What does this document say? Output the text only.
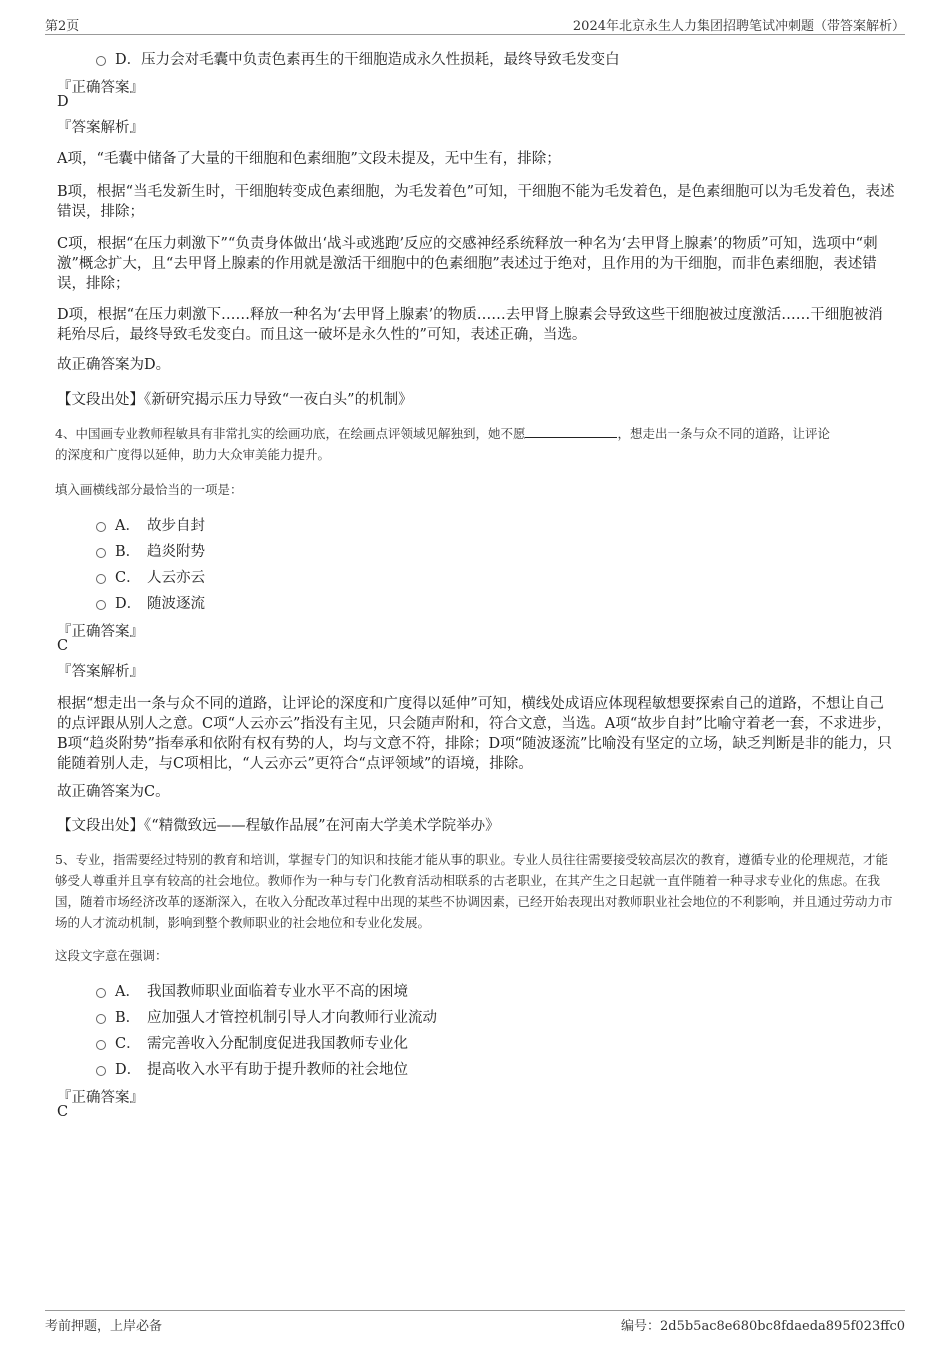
第2页	2024年北京永生人力集团招聘笔试冲刺题（带答案解析）
D．压力会对毛囊中负责色素再生的干细胞造成永久性损耗，最终导致毛发变白
『正确答案』
D
『答案解析』
A项，“毛囊中储备了大量的干细胞和色素细胞”文段未提及，无中生有，排除；
B项，根据“当毛发新生时，干细胞转变成色素细胞，为毛发着色”可知，干细胞不能为毛发着色，是色素细胞可以为毛发着色，表述错误，排除；
C项，根据“在压力刺激下”“负责身体做出‘战斗或逃跑’反应的交感神经系统释放一种名为‘去甲肾上腺素’的物质”可知，选项中“刺激”概念扩大，且“去甲肾上腺素的作用就是激活干细胞中的色素细胞”表述过于绝对，且作用的为干细胞，而非色素细胞，表述错误，排除；
D项，根据“在压力刺激下……释放一种名为‘去甲肾上腺素’的物质……去甲肾上腺素会导致这些干细胞被过度激活……干细胞被消耗殆尽后，最终导致毛发变白。而且这一破坏是永久性的”可知，表述正确，当选。
故正确答案为D。
【文段出处】《新研究揭示压力导致“一夜白头”的机制》
4、中国画专业教师程敏具有非常扎实的绘画功底，在绘画点评领域见解独到，她不愿	，想走出一条与众不同的道路，让评论
的深度和广度得以延伸，助力大众审美能力提升。
填入画横线部分最恰当的一项是：
A． 故步自封
B． 趋炎附势
C． 人云亦云
D． 随波逐流
『正确答案』
C
『答案解析』
根据“想走出一条与众不同的道路，让评论的深度和广度得以延伸”可知，横线处成语应体现程敏想要探索自己的道路，不想让自己的点评跟从别人之意。C项“人云亦云”指没有主见，只会随声附和，符合文意，当选。A项“故步自封”比喻守着老一套，不求进步，B项“趋炎附势”指奉承和依附有权有势的人，均与文意不符，排除；D项“随波逐流”比喻没有坚定的立场，缺乏判断是非的能力，只能随着别人走，与C项相比，“人云亦云”更符合“点评领域”的语境，排除。
故正确答案为C。
【文段出处】《“精微致远——程敏作品展”在河南大学美术学院举办》
5、专业，指需要经过特别的教育和培训，掌握专门的知识和技能才能从事的职业。专业人员往往需要接受较高层次的教育，遵循专业的伦理规范，才能够受人尊重并且享有较高的社会地位。教师作为一种与专门化教育活动相联系的古老职业，在其产生之日起就一直伴随着一种寻求专业化的焦虑。在我国，随着市场经济改革的逐渐深入，在收入分配改革过程中出现的某些不协调因素，已经开始表现出对教师职业社会地位的不利影响，并且通过劳动力市场的人才流动机制，影响到整个教师职业的社会地位和专业化发展。
这段文字意在强调：
A． 我国教师职业面临着专业水平不高的困境
B． 应加强人才管控机制引导人才向教师行业流动
C． 需完善收入分配制度促进我国教师专业化
D． 提高收入水平有助于提升教师的社会地位
『正确答案』
C
考前押题，上岸必备	编号：2d5b5ac8e680bc8fdaeda895f023ffc0
